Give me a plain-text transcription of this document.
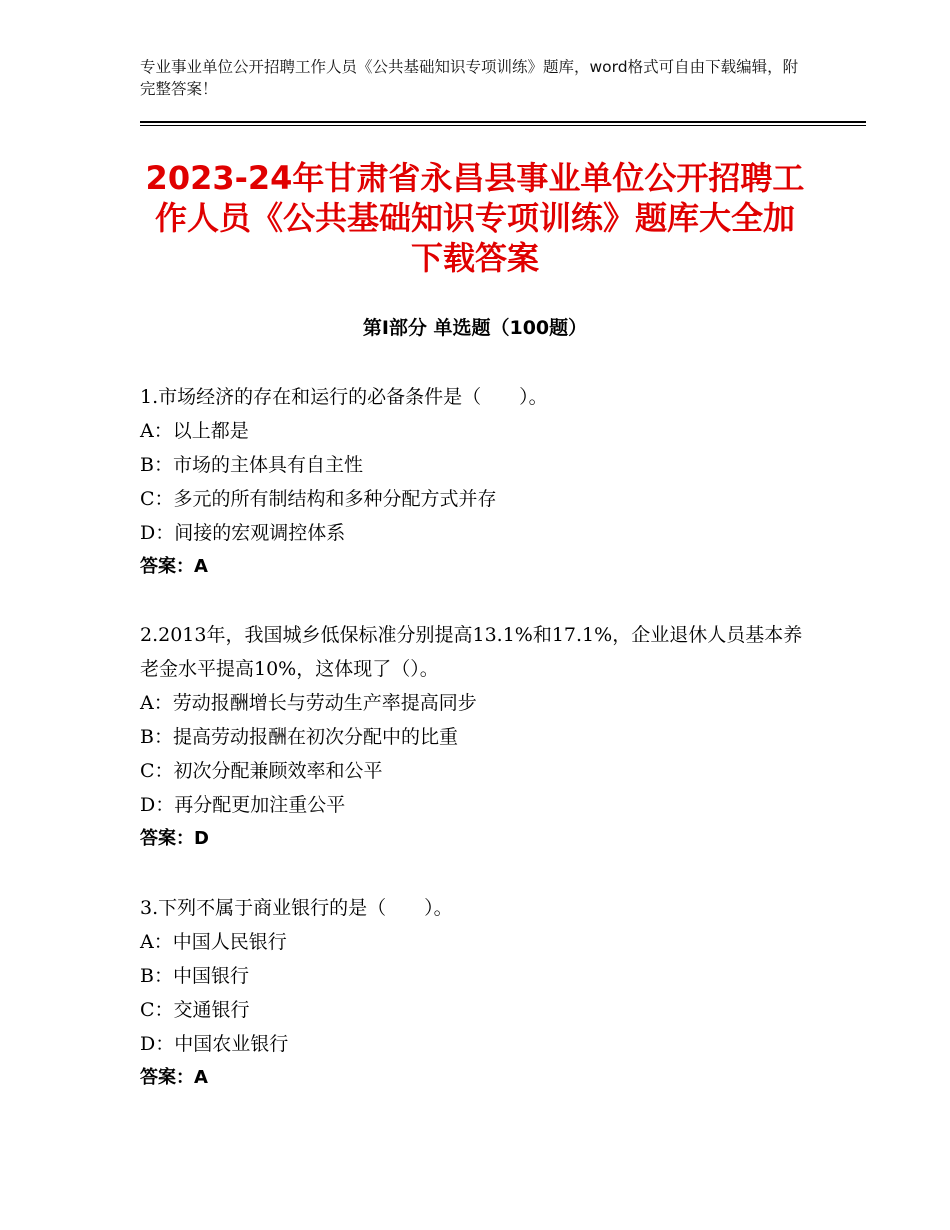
专业事业单位公开招聘工作人员《公共基础知识专项训练》题库，word格式可自由下载编辑，附完整答案！
2023-24年甘肃省永昌县事业单位公开招聘工作人员《公共基础知识专项训练》题库大全加下载答案
第Ⅰ部分 单选题（100题）
1.市场经济的存在和运行的必备条件是（　　）。
A：以上都是
B：市场的主体具有自主性
C：多元的所有制结构和多种分配方式并存
D：间接的宏观调控体系
答案：A
2.2013年，我国城乡低保标准分别提高13.1%和17.1%，企业退休人员基本养老金水平提高10%，这体现了（）。
A：劳动报酬增长与劳动生产率提高同步
B：提高劳动报酬在初次分配中的比重
C：初次分配兼顾效率和公平
D：再分配更加注重公平
答案：D
3.下列不属于商业银行的是（　　）。
A：中国人民银行
B：中国银行
C：交通银行
D：中国农业银行
答案：A
